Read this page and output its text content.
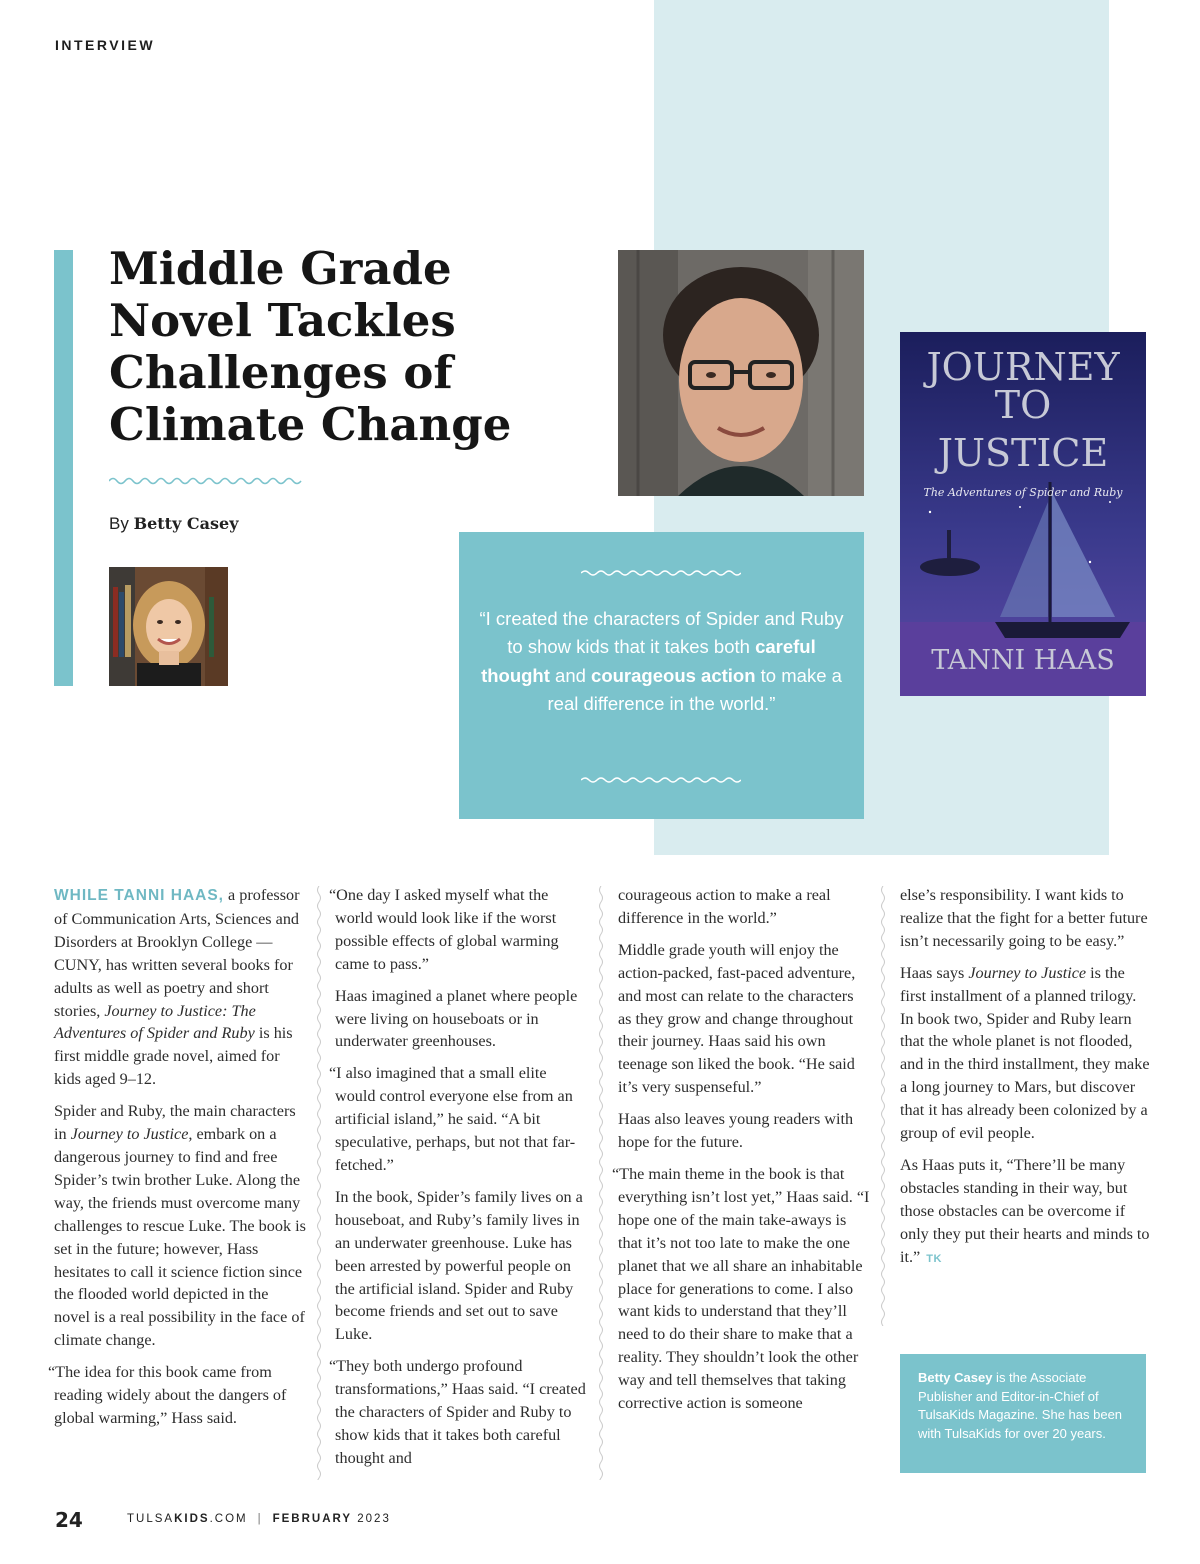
INTERVIEW
Middle Grade
Novel Tackles
Challenges of
Climate Change
By Betty Casey
JOURNEY
TO
JUSTICE
The Adventures of Spider and Ruby
TANNI HAAS

“I created the characters of Spider and Ruby to show kids that it takes both careful thought and courageous action to make a real difference in the world.”

WHILE TANNI HAAS, a professor of Communication Arts, Sciences and Disorders at Brooklyn College — CUNY, has written several books for adults as well as poetry and short stories, Journey to Justice: The Adventures of Spider and Ruby is his first middle grade novel, aimed for kids aged 9–12.

Spider and Ruby, the main characters in Journey to Justice, embark on a dangerous journey to find and free Spider’s twin brother Luke. Along the way, the friends must overcome many challenges to rescue Luke. The book is set in the future; however, Hass hesitates to call it science fiction since the flooded world depicted in the novel is a real possibility in the face of climate change.

“The idea for this book came from reading widely about the dangers of global warming,” Hass said.

“One day I asked myself what the world would look like if the worst possible effects of global warming came to pass.”

Haas imagined a planet where people were living on houseboats or in underwater greenhouses.

“I also imagined that a small elite would control everyone else from an artificial island,” he said. “A bit speculative, perhaps, but not that far-fetched.”

In the book, Spider’s family lives on a houseboat, and Ruby’s family lives in an underwater greenhouse. Luke has been arrested by powerful people on the artificial island. Spider and Ruby become friends and set out to save Luke.

“They both undergo profound transformations,” Haas said. “I created the characters of Spider and Ruby to show kids that it takes both careful thought and

courageous action to make a real difference in the world.”

Middle grade youth will enjoy the action-packed, fast-paced adventure, and most can relate to the characters as they grow and change throughout their journey. Haas said his own teenage son liked the book. “He said it’s very suspenseful.”

Haas also leaves young readers with hope for the future.

“The main theme in the book is that everything isn’t lost yet,” Haas said. “I hope one of the main take-aways is that it’s not too late to make the one planet that we all share an inhabitable place for generations to come. I also want kids to understand that they’ll need to do their share to make that a reality. They shouldn’t look the other way and tell themselves that taking corrective action is someone

else’s responsibility. I want kids to realize that the fight for a better future isn’t necessarily going to be easy.”

Haas says Journey to Justice is the first installment of a planned trilogy. In book two, Spider and Ruby learn that the whole planet is not flooded, and in the third installment, they make a long journey to Mars, but discover that it has already been colonized by a group of evil people.

As Haas puts it, “There’ll be many obstacles standing in their way, but those obstacles can be overcome if only they put their hearts and minds to it.” TK

Betty Casey is the Associate Publisher and Editor-in-Chief of TulsaKids Magazine. She has been with TulsaKids for over 20 years.
24	TULSAKIDS.COM | FEBRUARY 2023
